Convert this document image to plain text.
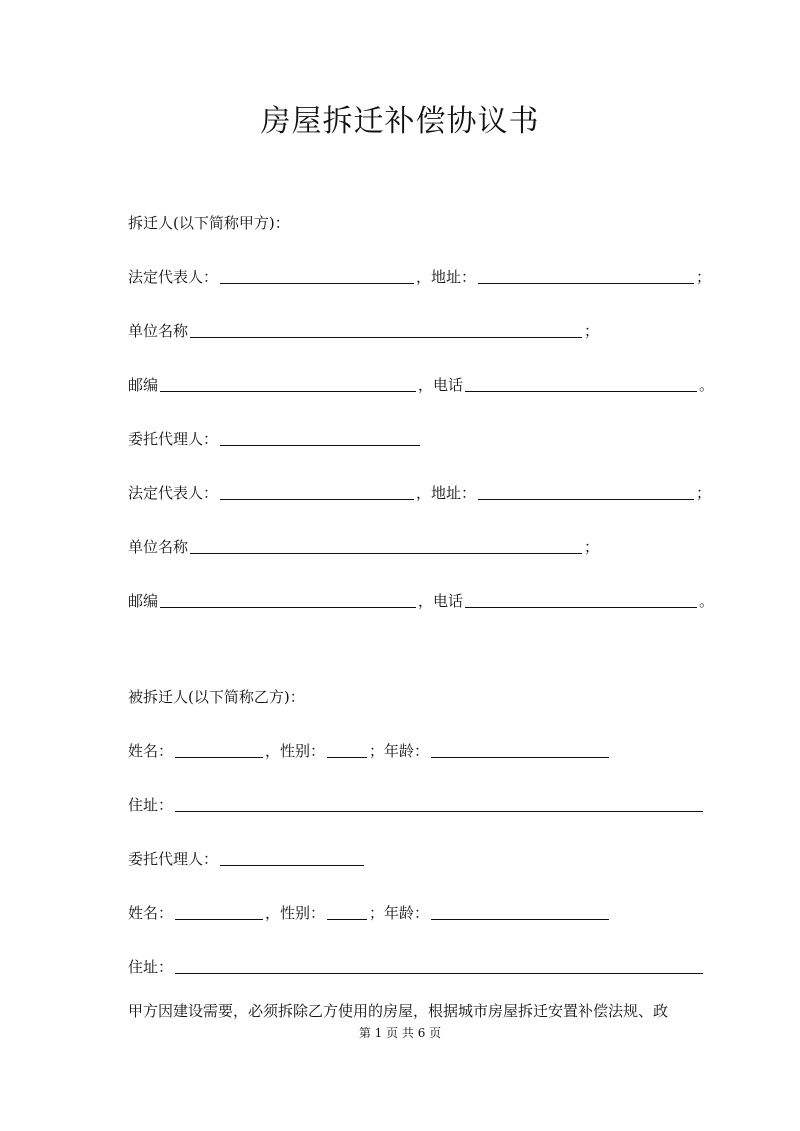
房屋拆迁补偿协议书
拆迁人(以下简称甲方)：
法定代表人：	，地址：	；
单位名称	；
邮编	，电话	。
委托代理人：
法定代表人：	，地址：	；
单位名称	；
邮编	，电话	。
被拆迁人(以下简称乙方)：
姓名：	，性别：	；年龄：
住址：
委托代理人：
姓名：	，性别：	；年龄：
住址：
甲方因建设需要，必须拆除乙方使用的房屋，根据城市房屋拆迁安置补偿法规、政
第 1 页 共 6 页
